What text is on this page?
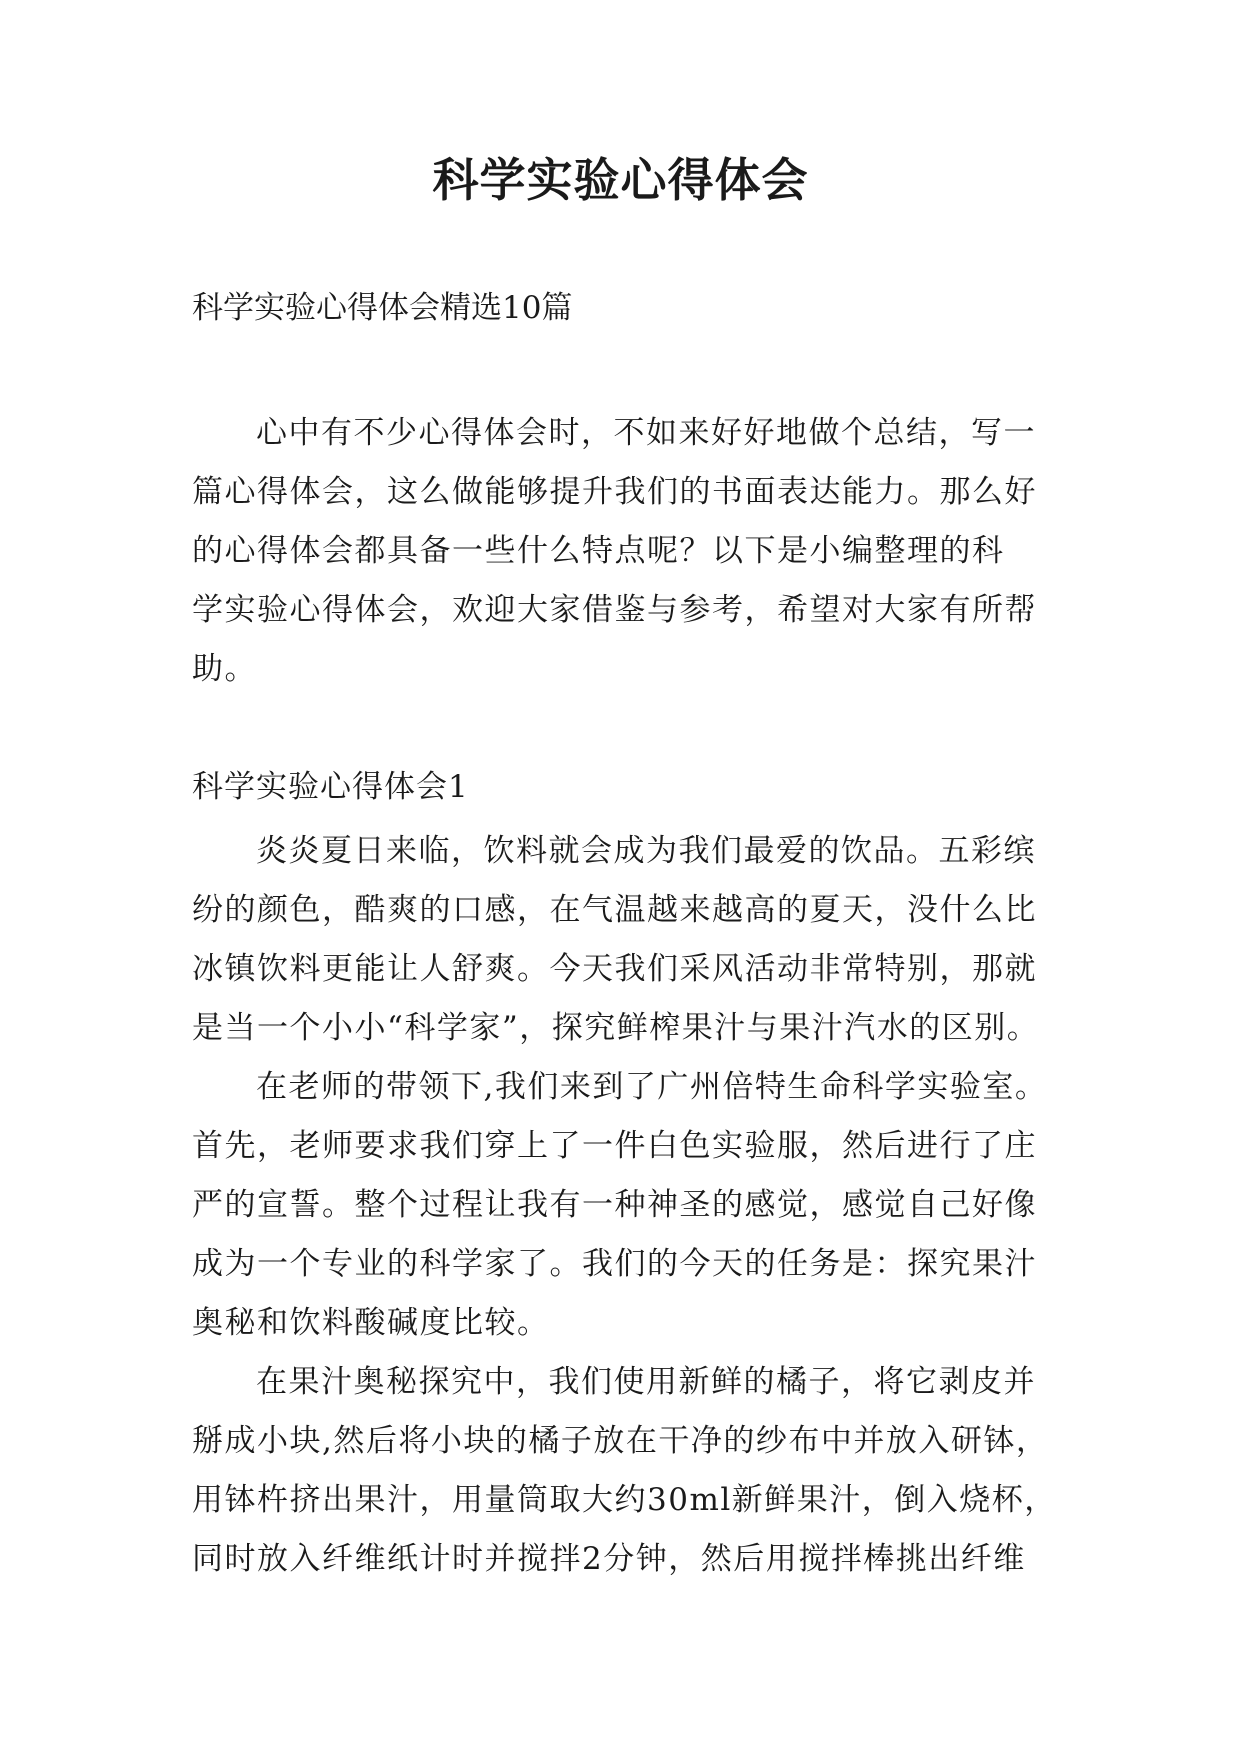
科学实验心得体会

科学实验心得体会精选10篇

心中有不少心得体会时，不如来好好地做个总结，写一
篇心得体会，这么做能够提升我们的书面表达能力。那么好
的心得体会都具备一些什么特点呢？以下是小编整理的科
学实验心得体会，欢迎大家借鉴与参考，希望对大家有所帮
助。

科学实验心得体会1

炎炎夏日来临，饮料就会成为我们最爱的饮品。五彩缤
纷的颜色，酷爽的口感，在气温越来越高的夏天，没什么比
冰镇饮料更能让人舒爽。今天我们采风活动非常特别，那就
是当一个小小“科学家”，探究鲜榨果汁与果汁汽水的区别。
在老师的带领下,我们来到了广州倍特生命科学实验室。
首先，老师要求我们穿上了一件白色实验服，然后进行了庄
严的宣誓。整个过程让我有一种神圣的感觉，感觉自己好像
成为一个专业的科学家了。我们的今天的任务是：探究果汁
奥秘和饮料酸碱度比较。
在果汁奥秘探究中，我们使用新鲜的橘子，将它剥皮并
掰成小块,然后将小块的橘子放在干净的纱布中并放入研钵，
用钵杵挤出果汁，用量筒取大约30ml新鲜果汁，倒入烧杯，
同时放入纤维纸计时并搅拌2分钟，然后用搅拌棒挑出纤维
